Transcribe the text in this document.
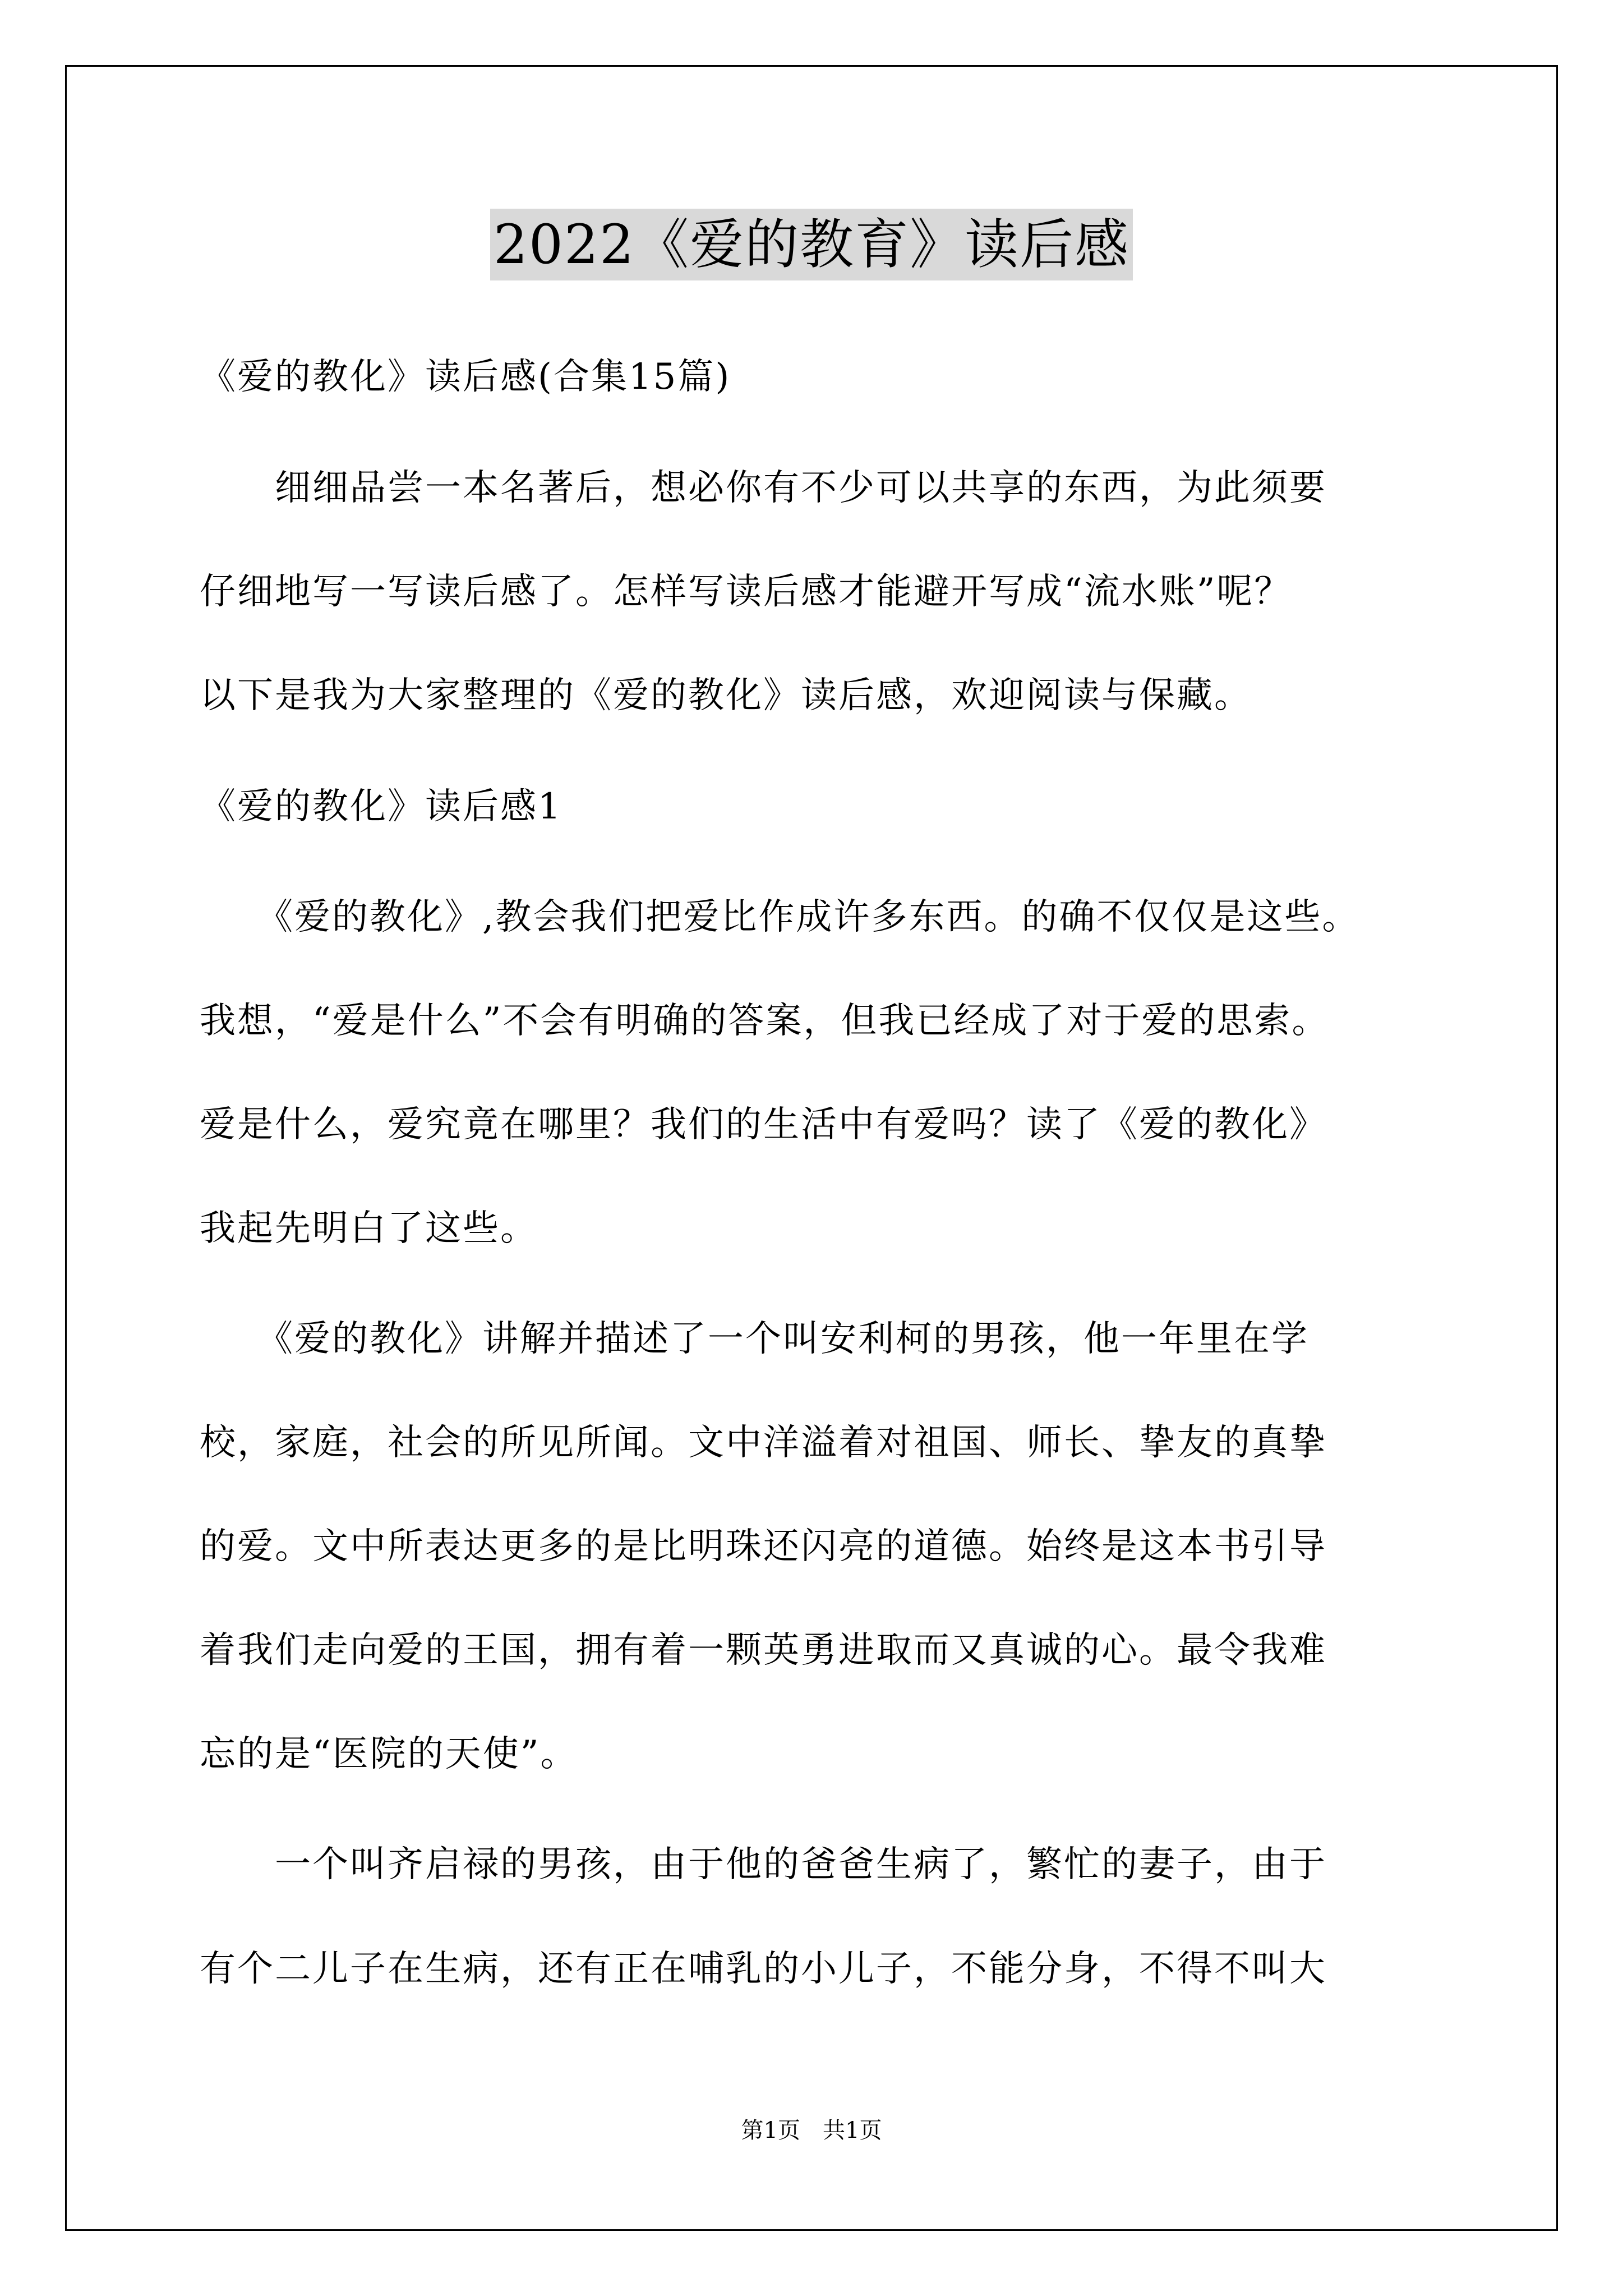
2022《爱的教育》读后感
《爱的教化》读后感(合集15篇)
　　细细品尝一本名著后，想必你有不少可以共享的东西，为此须要
仔细地写一写读后感了。怎样写读后感才能避开写成“流水账”呢？
以下是我为大家整理的《爱的教化》读后感，欢迎阅读与保藏。
《爱的教化》读后感1
　　《爱的教化》,教会我们把爱比作成许多东西。的确不仅仅是这些。
我想，“爱是什么”不会有明确的答案，但我已经成了对于爱的思索。
爱是什么，爱究竟在哪里？我们的生活中有爱吗？读了《爱的教化》
我起先明白了这些。
　　《爱的教化》讲解并描述了一个叫安利柯的男孩，他一年里在学
校，家庭，社会的所见所闻。文中洋溢着对祖国、师长、挚友的真挚
的爱。文中所表达更多的是比明珠还闪亮的道德。始终是这本书引导
着我们走向爱的王国，拥有着一颗英勇进取而又真诚的心。最令我难
忘的是“医院的天使”。
　　一个叫齐启禄的男孩，由于他的爸爸生病了，繁忙的妻子，由于
有个二儿子在生病，还有正在哺乳的小儿子，不能分身，不得不叫大
第1页　共1页
